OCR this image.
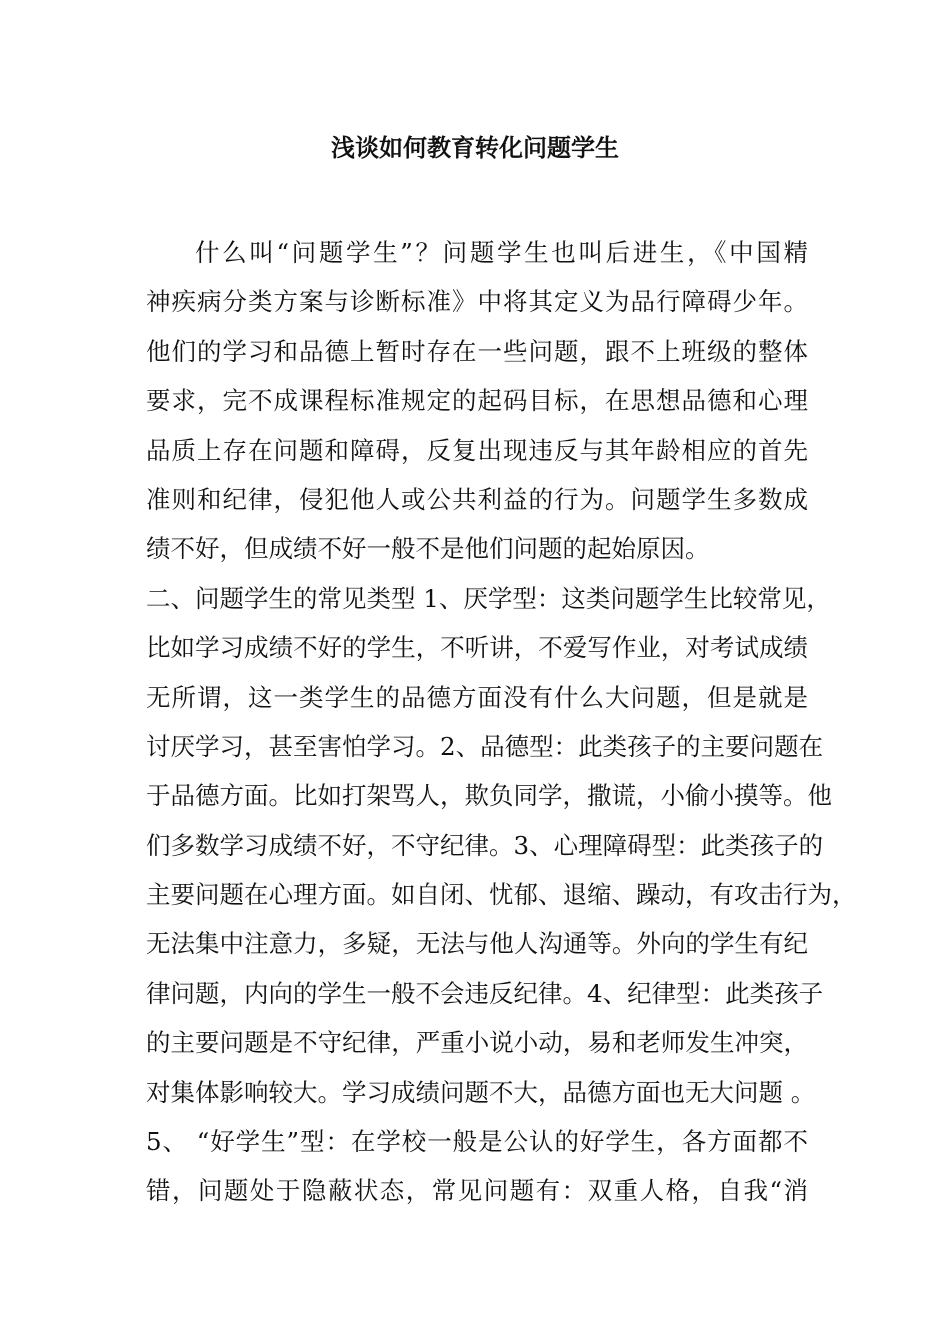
浅谈如何教育转化问题学生
什么叫“问题学生”？问题学生也叫后进生，《中国精
神疾病分类方案与诊断标准》中将其定义为品行障碍少年。
他们的学习和品德上暂时存在一些问题，跟不上班级的整体
要求，完不成课程标准规定的起码目标，在思想品德和心理
品质上存在问题和障碍，反复出现违反与其年龄相应的首先
准则和纪律，侵犯他人或公共利益的行为。问题学生多数成
绩不好，但成绩不好一般不是他们问题的起始原因。
二、问题学生的常见类型 1、厌学型：这类问题学生比较常见，
比如学习成绩不好的学生，不听讲，不爱写作业，对考试成绩
无所谓，这一类学生的品德方面没有什么大问题，但是就是
讨厌学习，甚至害怕学习。2、品德型：此类孩子的主要问题在
于品德方面。比如打架骂人，欺负同学，撒谎，小偷小摸等。他
们多数学习成绩不好，不守纪律。3、心理障碍型：此类孩子的
主要问题在心理方面。如自闭、忧郁、退缩、躁动，有攻击行为，
无法集中注意力，多疑，无法与他人沟通等。外向的学生有纪
律问题，内向的学生一般不会违反纪律。4、纪律型：此类孩子
的主要问题是不守纪律，严重小说小动，易和老师发生冲突，
对集体影响较大。学习成绩问题不大，品德方面也无大问题 。
5、 “好学生”型：在学校一般是公认的好学生，各方面都不
错，问题处于隐蔽状态，常见问题有：双重人格，自我“消
